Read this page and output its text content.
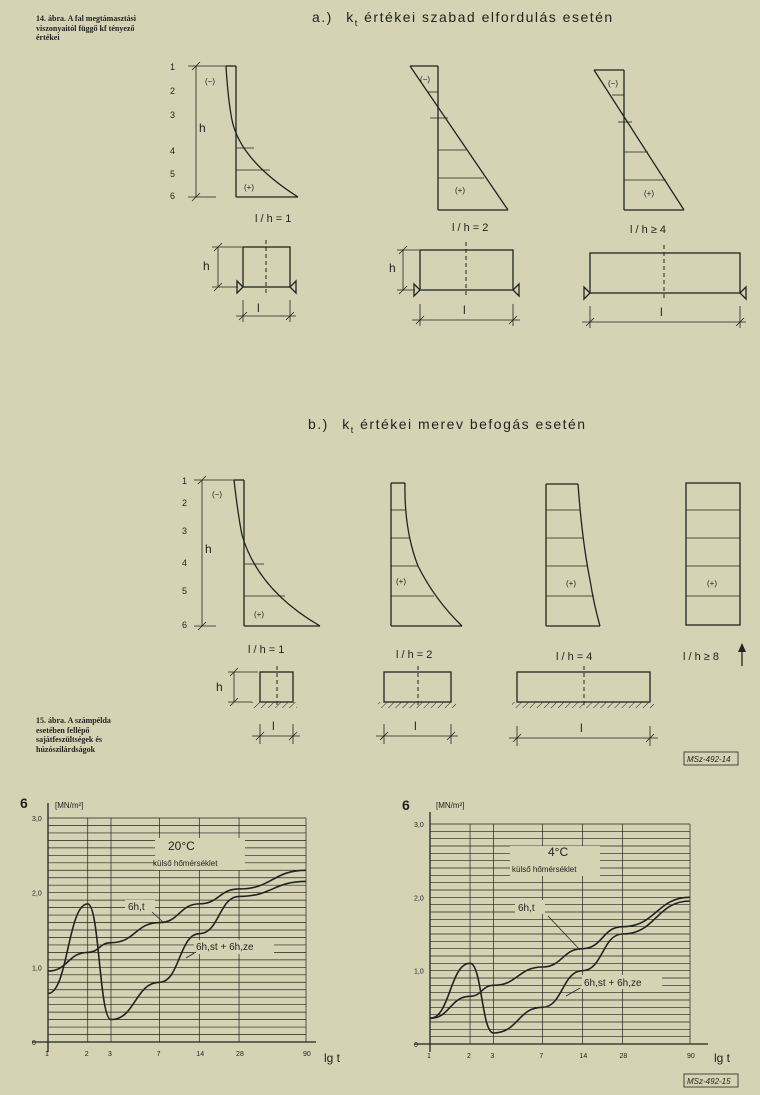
14. ábra. A fal megtámasztási viszonyaitól függő kf tényező értékei
15. ábra. A számpélda esetében fellépő sajátfeszültségek és húzószilárdságok
a.) $k_t$ értékei szabad elfordulás esetén
b.) $k_t$ értékei merev befogás esetén
1
2
3
4
5
6
h
(−)
(+)
l / h = 1
(−)
(+)
l / h = 2
(−)
(+)
l / h ≥ 4
h
l
h
l	l
1
2
3
4
5
6
h
(−)
(+)
l / h = 1
(+)
l / h = 2
(+)
l / h = 4
(+)
l / h ≥ 8
h
l	l	l
MSz-492-14
6	[MN/m²]
lg t
20°C
külső hőmérséklet
6h,t
6h,st + 6h,ze
1	2	3	7	14	28	90
0
1,0
2,0
3,0
6	[MN/m²]
lg t
4°C
külső hőmérséklet
6h,t
6h,st + 6h,ze
1	2	3	7	14	28	90
0
1,0
2,0
3,0
MSz-492-15
